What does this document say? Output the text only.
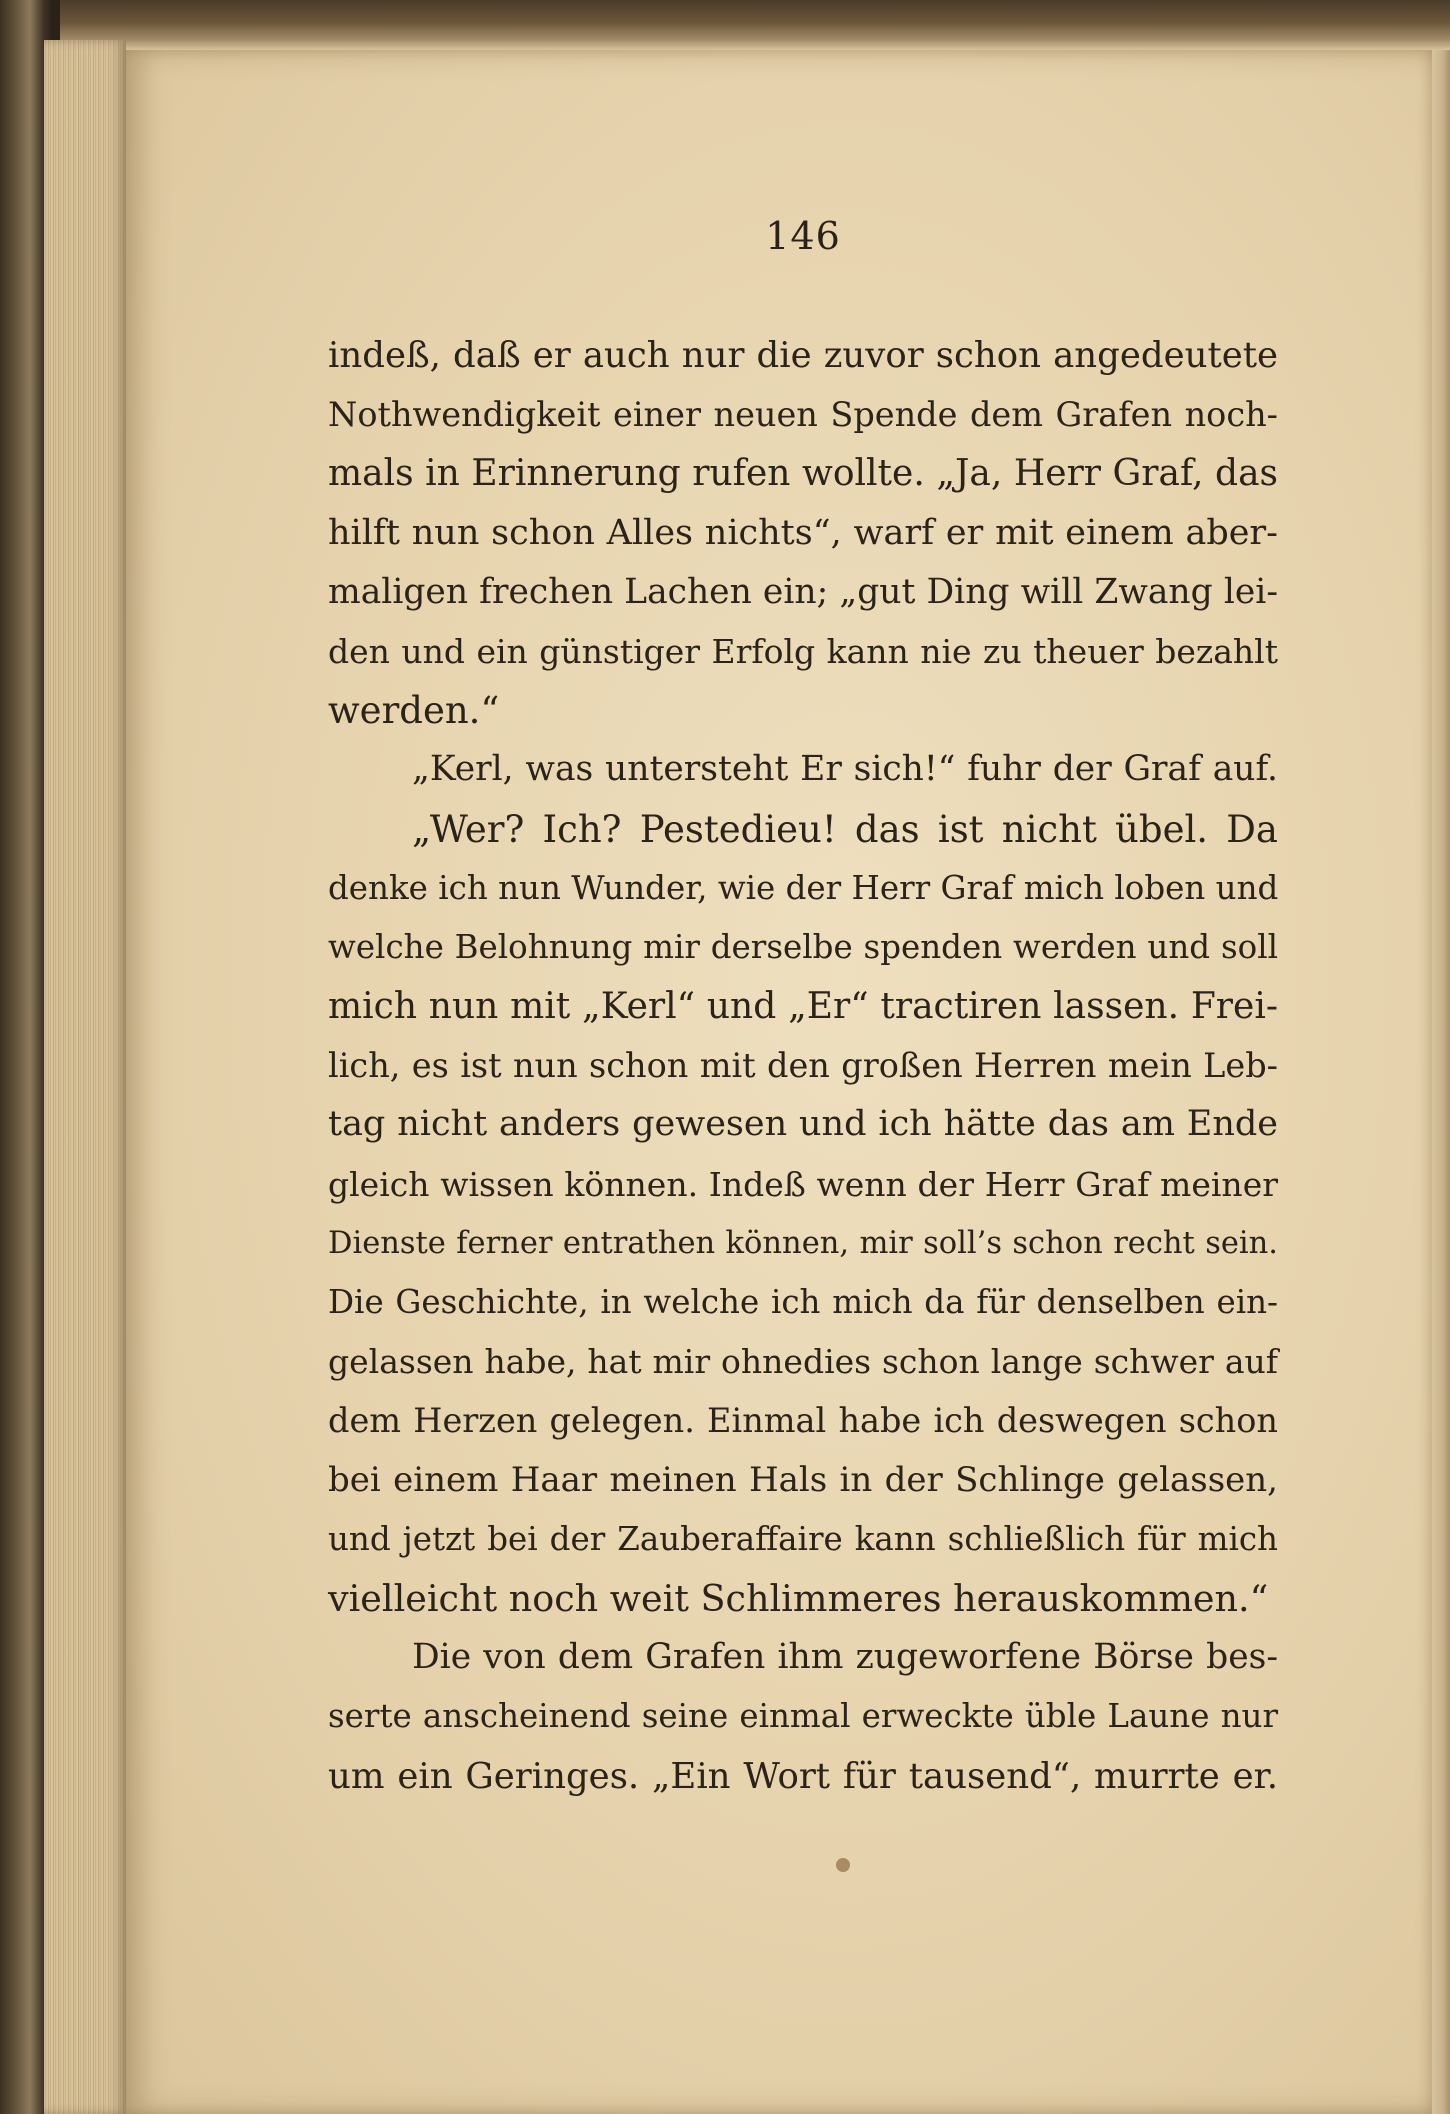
146
indeß, daß er auch nur die zuvor schon angedeutete
Nothwendigkeit einer neuen Spende dem Grafen noch-
mals in Erinnerung rufen wollte. „Ja, Herr Graf, das
hilft nun schon Alles nichts“, warf er mit einem aber-
maligen frechen Lachen ein; „gut Ding will Zwang lei-
den und ein günstiger Erfolg kann nie zu theuer bezahlt
werden.“
„Kerl, was untersteht Er sich!“ fuhr der Graf auf.
„Wer? Ich? Pestedieu! das ist nicht übel. Da
denke ich nun Wunder, wie der Herr Graf mich loben und
welche Belohnung mir derselbe spenden werden und soll
mich nun mit „Kerl“ und „Er“ tractiren lassen. Frei-
lich, es ist nun schon mit den großen Herren mein Leb-
tag nicht anders gewesen und ich hätte das am Ende
gleich wissen können. Indeß wenn der Herr Graf meiner
Dienste ferner entrathen können, mir soll’s schon recht sein.
Die Geschichte, in welche ich mich da für denselben ein-
gelassen habe, hat mir ohnedies schon lange schwer auf
dem Herzen gelegen. Einmal habe ich deswegen schon
bei einem Haar meinen Hals in der Schlinge gelassen,
und jetzt bei der Zauberaffaire kann schließlich für mich
vielleicht noch weit Schlimmeres herauskommen.“
Die von dem Grafen ihm zugeworfene Börse bes-
serte anscheinend seine einmal erweckte üble Laune nur
um ein Geringes. „Ein Wort für tausend“, murrte er.
